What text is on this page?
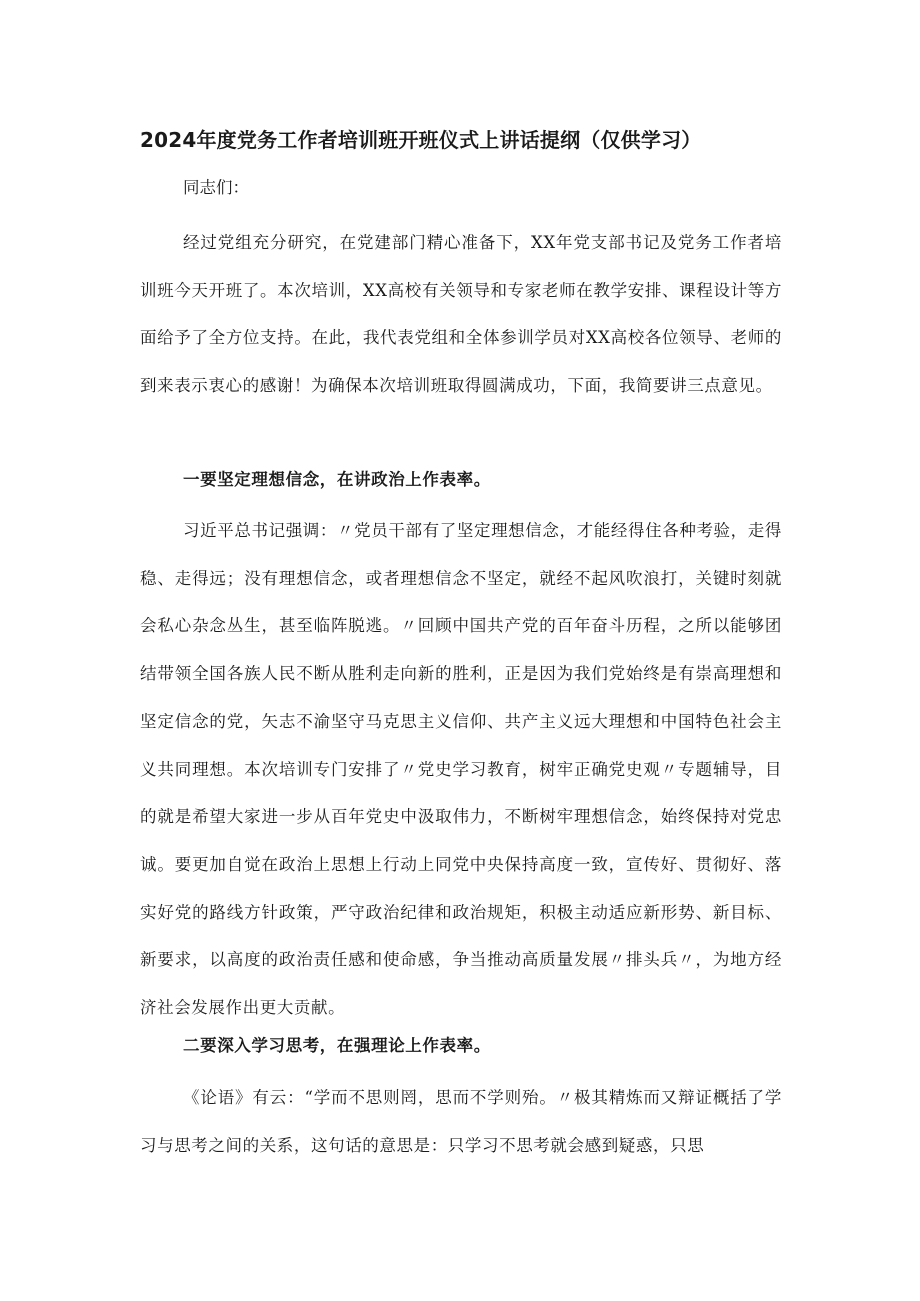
2024年度党务工作者培训班开班仪式上讲话提纲（仅供学习）
同志们：
经过党组充分研究，在党建部门精心准备下，XX年党支部书记及党务工作者培训班今天开班了。本次培训，XX高校有关领导和专家老师在教学安排、课程设计等方面给予了全方位支持。在此，我代表党组和全体参训学员对XX高校各位领导、老师的到来表示衷心的感谢！为确保本次培训班取得圆满成功，下面，我简要讲三点意见。
一要坚定理想信念，在讲政治上作表率。
习近平总书记强调：〃党员干部有了坚定理想信念，才能经得住各种考验，走得稳、走得远；没有理想信念，或者理想信念不坚定，就经不起风吹浪打，关键时刻就会私心杂念丛生，甚至临阵脱逃。〃回顾中国共产党的百年奋斗历程，之所以能够团结带领全国各族人民不断从胜利走向新的胜利，正是因为我们党始终是有崇高理想和坚定信念的党，矢志不渝坚守马克思主义信仰、共产主义远大理想和中国特色社会主义共同理想。本次培训专门安排了〃党史学习教育，树牢正确党史观〃专题辅导，目的就是希望大家进一步从百年党史中汲取伟力，不断树牢理想信念，始终保持对党忠诚。要更加自觉在政治上思想上行动上同党中央保持高度一致，宣传好、贯彻好、落实好党的路线方针政策，严守政治纪律和政治规矩，积极主动适应新形势、新目标、新要求，以高度的政治责任感和使命感，争当推动高质量发展〃排头兵〃，为地方经济社会发展作出更大贡献。
二要深入学习思考，在强理论上作表率。
《论语》有云：“学而不思则罔，思而不学则殆。〃极其精炼而又辩证概括了学习与思考之间的关系，这句话的意思是：只学习不思考就会感到疑惑，只思
